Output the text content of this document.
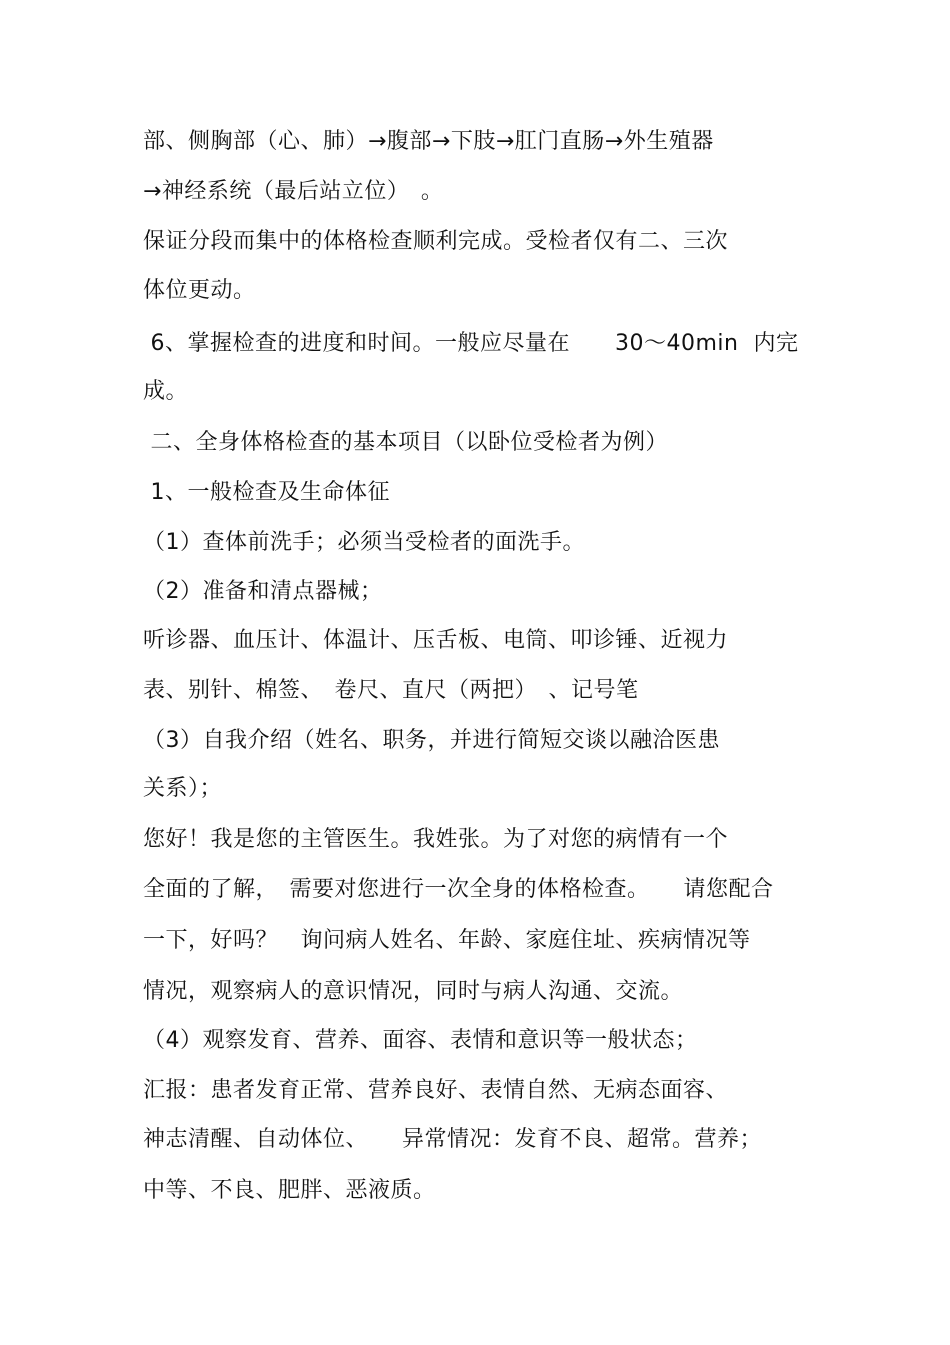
部、侧胸部（心、肺）→腹部→下肢→肛门直肠→外生殖器
→神经系统（最后站立位）　。
保证分段而集中的体格检查顺利完成。受检者仅有二、三次
体位更动。
6、掌握检查的进度和时间。一般应尽量在　　30～40min  内完
成。
二、全身体格检查的基本项目（以卧位受检者为例）
1、一般检查及生命体征
（1）查体前洗手；必须当受检者的面洗手。
（2）准备和清点器械；
听诊器、血压计、体温计、压舌板、电筒、叩诊锤、近视力
表、别针、棉签、　卷尺、直尺（两把）　、记号笔
（3）自我介绍（姓名、职务，并进行简短交谈以融洽医患
关系）；
您好！我是您的主管医生。我姓张。为了对您的病情有一个
全面的了解，　需要对您进行一次全身的体格检查。　　请您配合
一下，好吗？　询问病人姓名、年龄、家庭住址、疾病情况等
情况，观察病人的意识情况，同时与病人沟通、交流。
（4）观察发育、营养、面容、表情和意识等一般状态；
汇报：患者发育正常、营养良好、表情自然、无病态面容、
神志清醒、自动体位、　　异常情况：发育不良、超常。营养；
中等、不良、肥胖、恶液质。
